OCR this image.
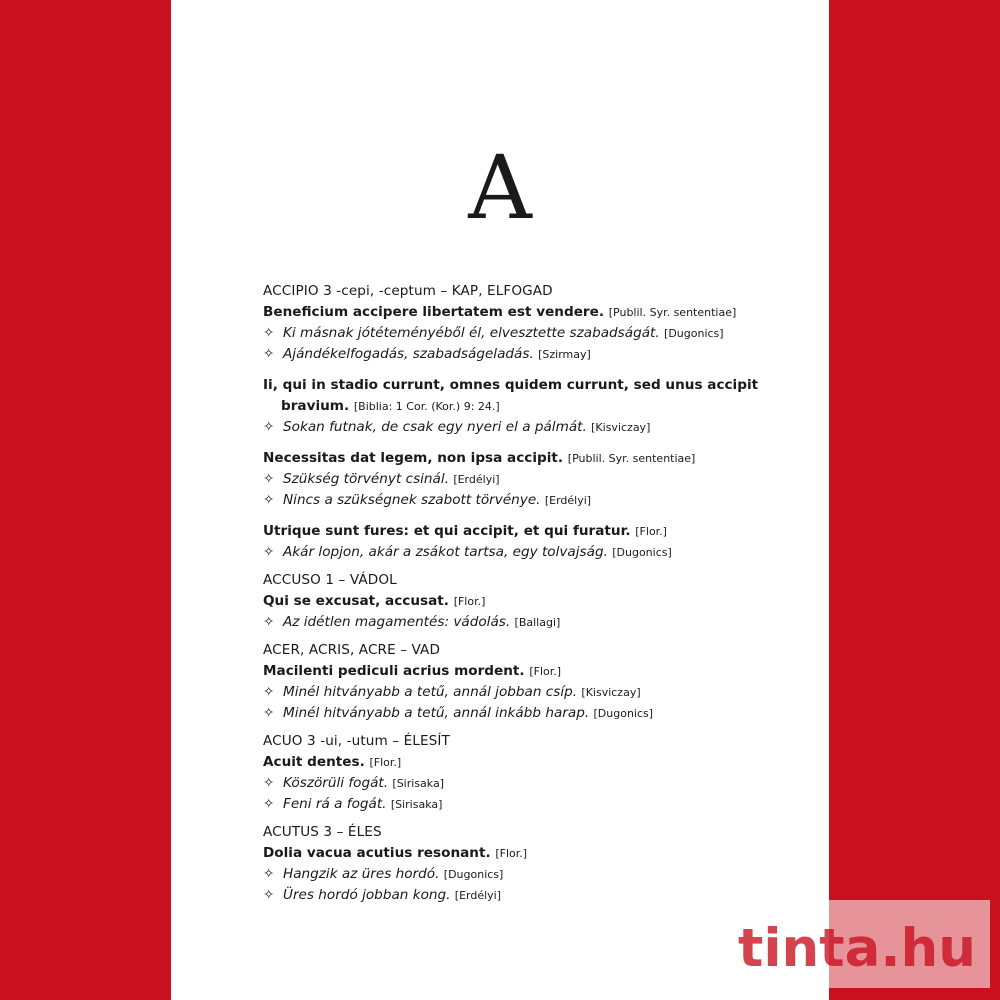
A
ACCIPIO 3 -cepi, -ceptum – KAP, ELFOGAD
Beneficium accipere libertatem est vendere. [Publil. Syr. sententiae]
✧ Ki másnak jótéteményéből él, elvesztette szabadságát. [Dugonics]
✧ Ajándékelfogadás, szabadságeladás. [Szirmay]
Ii, qui in stadio currunt, omnes quidem currunt, sed unus accipit bravium. [Biblia: 1 Cor. (Kor.) 9: 24.]
✧ Sokan futnak, de csak egy nyeri el a pálmát. [Kisviczay]
Necessitas dat legem, non ipsa accipit. [Publil. Syr. sententiae]
✧ Szükség törvényt csinál. [Erdélyi]
✧ Nincs a szükségnek szabott törvénye. [Erdélyi]
Utrique sunt fures: et qui accipit, et qui furatur. [Flor.]
✧ Akár lopjon, akár a zsákot tartsa, egy tolvajság. [Dugonics]
ACCUSO 1 – VÁDOL
Qui se excusat, accusat. [Flor.]
✧ Az idétlen magamentés: vádolás. [Ballagi]
ACER, ACRIS, ACRE – VAD
Macilenti pediculi acrius mordent. [Flor.]
✧ Minél hitványabb a tetű, annál jobban csíp. [Kisviczay]
✧ Minél hitványabb a tetű, annál inkább harap. [Dugonics]
ACUO 3 -ui, -utum – ÉLESÍT
Acuit dentes. [Flor.]
✧ Köszörüli fogát. [Sirisaka]
✧ Feni rá a fogát. [Sirisaka]
ACUTUS 3 – ÉLES
Dolia vacua acutius resonant. [Flor.]
✧ Hangzik az üres hordó. [Dugonics]
✧ Üres hordó jobban kong. [Erdélyi]
tinta.hu
